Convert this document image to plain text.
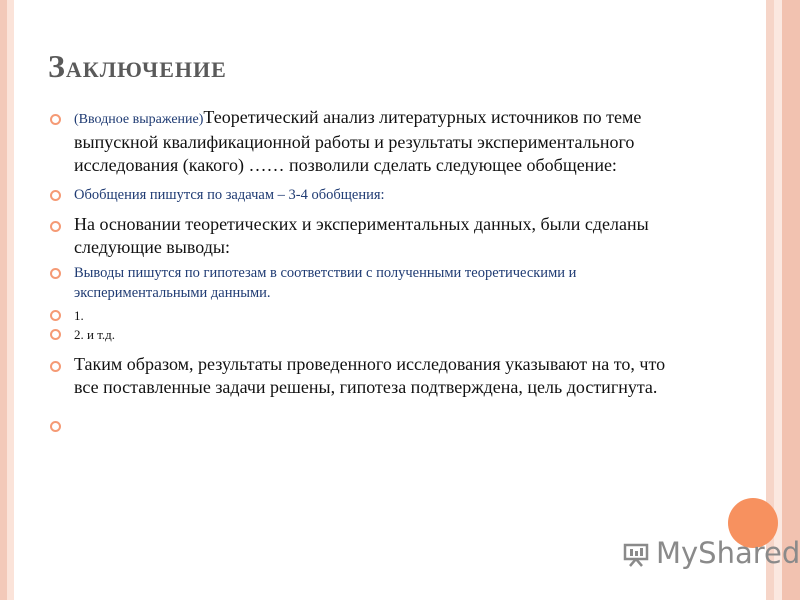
ЗАКЛЮЧЕНИЕ
(Вводное выражение)Теоретический анализ литературных источников по теме выпускной квалификационной работы и результаты экспериментального исследования (какого) …… позволили сделать следующее обобщение:
Обобщения пишутся по задачам – 3-4 обобщения:
На основании теоретических и экспериментальных данных, были сделаны следующие выводы:
Выводы пишутся по гипотезам в соответствии с полученными теоретическими и экспериментальными данными.
1.
2. и т.д.
Таким образом, результаты проведенного исследования указывают на то, что все поставленные задачи решены, гипотеза подтверждена, цель достигнута.
MyShared
